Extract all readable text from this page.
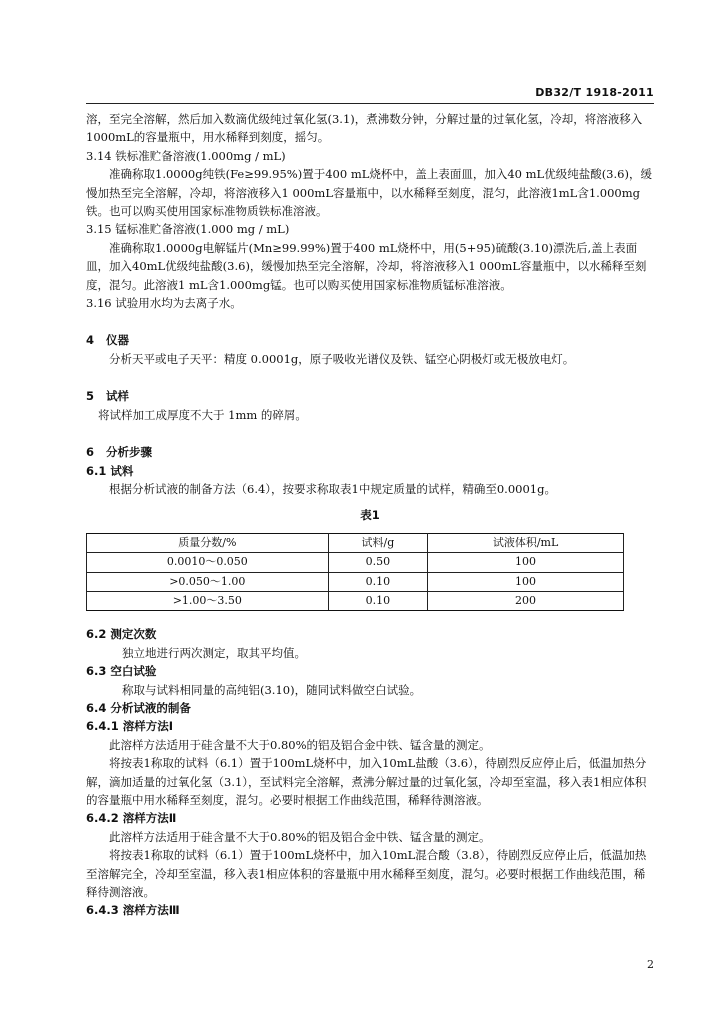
DB32/T 1918-2011

溶，至完全溶解，然后加入数滴优级纯过氧化氢(3.1)，煮沸数分钟，分解过量的过氧化氢，冷却，将溶液移入1000mL的容量瓶中，用水稀释到刻度，摇匀。

3.14 铁标准贮备溶液(1.000mg / mL)

准确称取1.0000g纯铁(Fe≥99.95%)置于400 mL烧杯中，盖上表面皿，加入40 mL优级纯盐酸(3.6)，缓慢加热至完全溶解，冷却，将溶液移入1 000mL容量瓶中，以水稀释至刻度，混匀，此溶液1mL含1.000mg铁。也可以购买使用国家标准物质铁标准溶液。

3.15 锰标准贮备溶液(1.000 mg / mL)

准确称取1.0000g电解锰片(Mn≥99.99%)置于400 mL烧杯中，用(5+95)硫酸(3.10)漂洗后,盖上表面皿，加入40mL优级纯盐酸(3.6)，缓慢加热至完全溶解，冷却，将溶液移入1 000mL容量瓶中，以水稀释至刻度，混匀。此溶液1 mL含1.000mg锰。也可以购买使用国家标准物质锰标准溶液。

3.16 试验用水均为去离子水。

4 仪器

分析天平或电子天平：精度 0.0001g，原子吸收光谱仪及铁、锰空心阴极灯或无极放电灯。

5 试样

将试样加工成厚度不大于 1mm 的碎屑。

6 分析步骤

6.1 试料

根据分析试液的制备方法（6.4），按要求称取表1中规定质量的试样，精确至0.0001g。

表1
质量分数/%	试料/g	试液体积/mL
0.0010～0.050	0.50	100
>0.050～1.00	0.10	100
>1.00～3.50	0.10	200

6.2 测定次数

独立地进行两次测定，取其平均值。

6.3 空白试验

称取与试料相同量的高纯铝(3.10)，随同试料做空白试验。

6.4 分析试液的制备

6.4.1 溶样方法Ⅰ

此溶样方法适用于硅含量不大于0.80%的铝及铝合金中铁、锰含量的测定。

将按表1称取的试料（6.1）置于100mL烧杯中，加入10mL盐酸（3.6），待剧烈反应停止后，低温加热分解，滴加适量的过氧化氢（3.1），至试料完全溶解，煮沸分解过量的过氧化氢，冷却至室温，移入表1相应体积的容量瓶中用水稀释至刻度，混匀。必要时根据工作曲线范围，稀释待测溶液。

6.4.2 溶样方法Ⅱ

此溶样方法适用于硅含量不大于0.80%的铝及铝合金中铁、锰含量的测定。

将按表1称取的试料（6.1）置于100mL烧杯中，加入10mL混合酸（3.8），待剧烈反应停止后，低温加热至溶解完全，冷却至室温，移入表1相应体积的容量瓶中用水稀释至刻度，混匀。必要时根据工作曲线范围，稀释待测溶液。

6.4.3 溶样方法Ⅲ

2
